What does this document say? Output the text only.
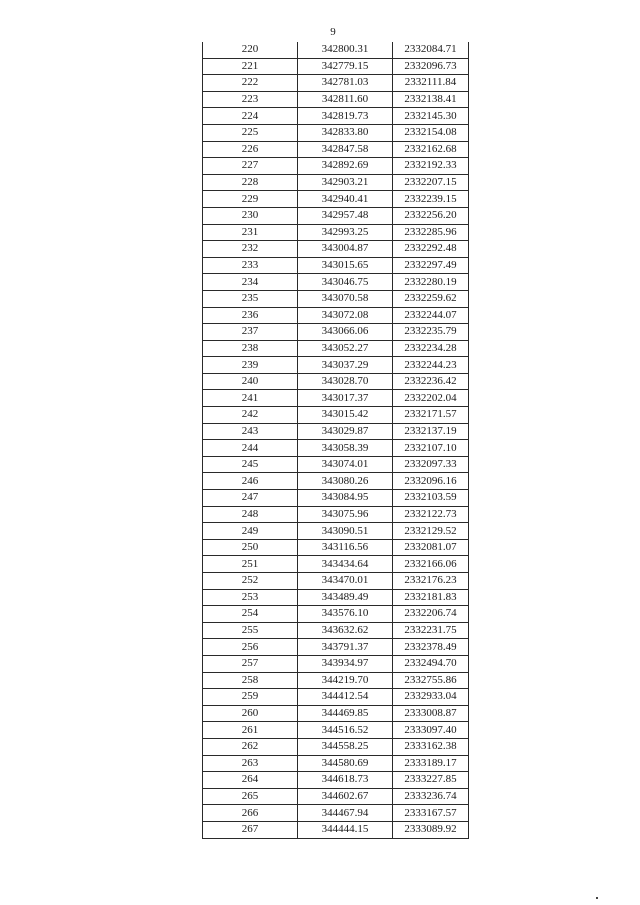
9
220	342800.31	2332084.71
221	342779.15	2332096.73
222	342781.03	2332111.84
223	342811.60	2332138.41
224	342819.73	2332145.30
225	342833.80	2332154.08
226	342847.58	2332162.68
227	342892.69	2332192.33
228	342903.21	2332207.15
229	342940.41	2332239.15
230	342957.48	2332256.20
231	342993.25	2332285.96
232	343004.87	2332292.48
233	343015.65	2332297.49
234	343046.75	2332280.19
235	343070.58	2332259.62
236	343072.08	2332244.07
237	343066.06	2332235.79
238	343052.27	2332234.28
239	343037.29	2332244.23
240	343028.70	2332236.42
241	343017.37	2332202.04
242	343015.42	2332171.57
243	343029.87	2332137.19
244	343058.39	2332107.10
245	343074.01	2332097.33
246	343080.26	2332096.16
247	343084.95	2332103.59
248	343075.96	2332122.73
249	343090.51	2332129.52
250	343116.56	2332081.07
251	343434.64	2332166.06
252	343470.01	2332176.23
253	343489.49	2332181.83
254	343576.10	2332206.74
255	343632.62	2332231.75
256	343791.37	2332378.49
257	343934.97	2332494.70
258	344219.70	2332755.86
259	344412.54	2332933.04
260	344469.85	2333008.87
261	344516.52	2333097.40
262	344558.25	2333162.38
263	344580.69	2333189.17
264	344618.73	2333227.85
265	344602.67	2333236.74
266	344467.94	2333167.57
267	344444.15	2333089.92
